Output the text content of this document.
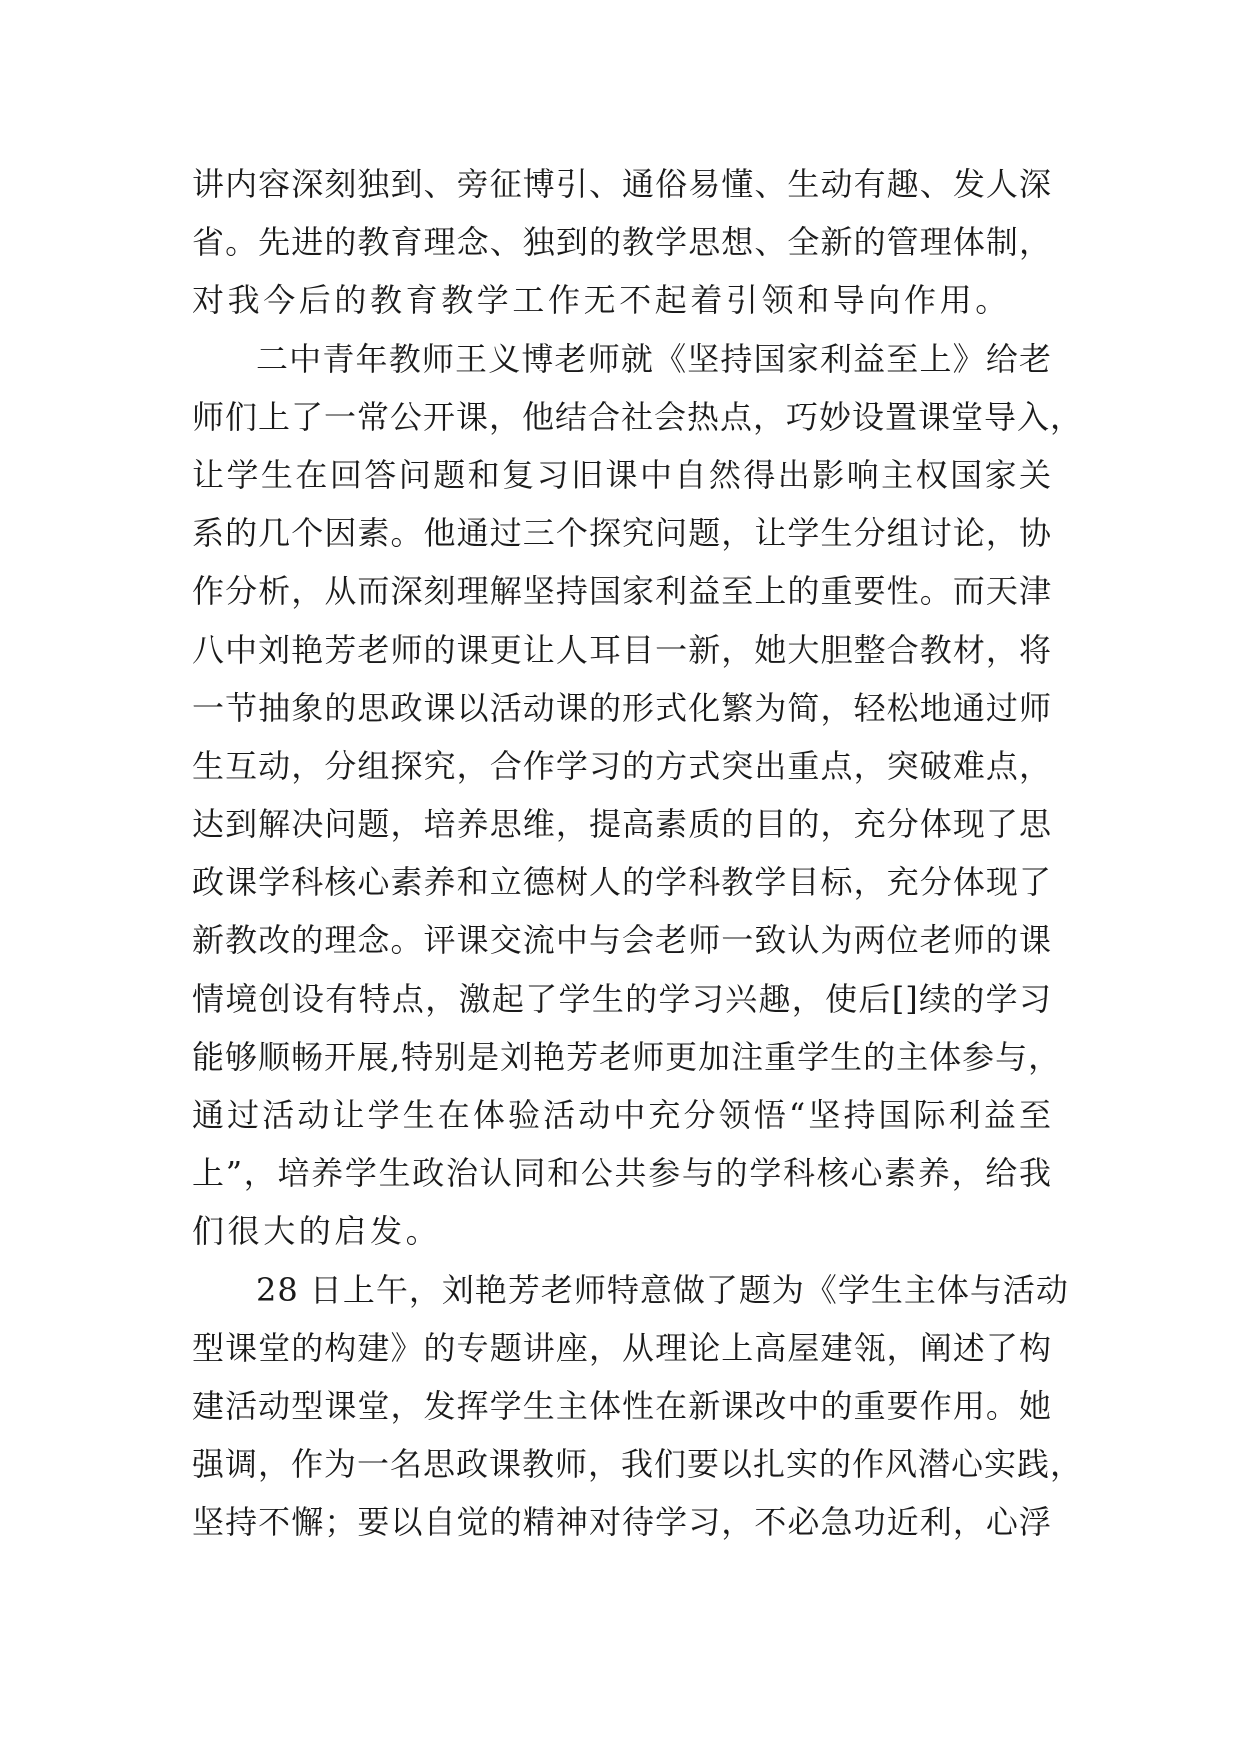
讲内容深刻独到、旁征博引、通俗易懂、生动有趣、发人深
省。先进的教育理念、独到的教学思想、全新的管理体制，
对我今后的教育教学工作无不起着引领和导向作用。
二中青年教师王义博老师就《坚持国家利益至上》给老
师们上了一常公开课，他结合社会热点，巧妙设置课堂导入，
让学生在回答问题和复习旧课中自然得出影响主权国家关
系的几个因素。他通过三个探究问题，让学生分组讨论，协
作分析，从而深刻理解坚持国家利益至上的重要性。而天津
八中刘艳芳老师的课更让人耳目一新，她大胆整合教材，将
一节抽象的思政课以活动课的形式化繁为简，轻松地通过师
生互动，分组探究，合作学习的方式突出重点，突破难点，
达到解决问题，培养思维，提高素质的目的，充分体现了思
政课学科核心素养和立德树人的学科教学目标，充分体现了
新教改的理念。评课交流中与会老师一致认为两位老师的课
情境创设有特点，激起了学生的学习兴趣，使后[]续的学习
能够顺畅开展,特别是刘艳芳老师更加注重学生的主体参与，
通过活动让学生在体验活动中充分领悟“坚持国际利益至
上”，培养学生政治认同和公共参与的学科核心素养，给我
们很大的启发。
28 日上午，刘艳芳老师特意做了题为《学生主体与活动
型课堂的构建》的专题讲座，从理论上高屋建瓴，阐述了构
建活动型课堂，发挥学生主体性在新课改中的重要作用。她
强调，作为一名思政课教师，我们要以扎实的作风潜心实践，
坚持不懈；要以自觉的精神对待学习，不必急功近利，心浮
